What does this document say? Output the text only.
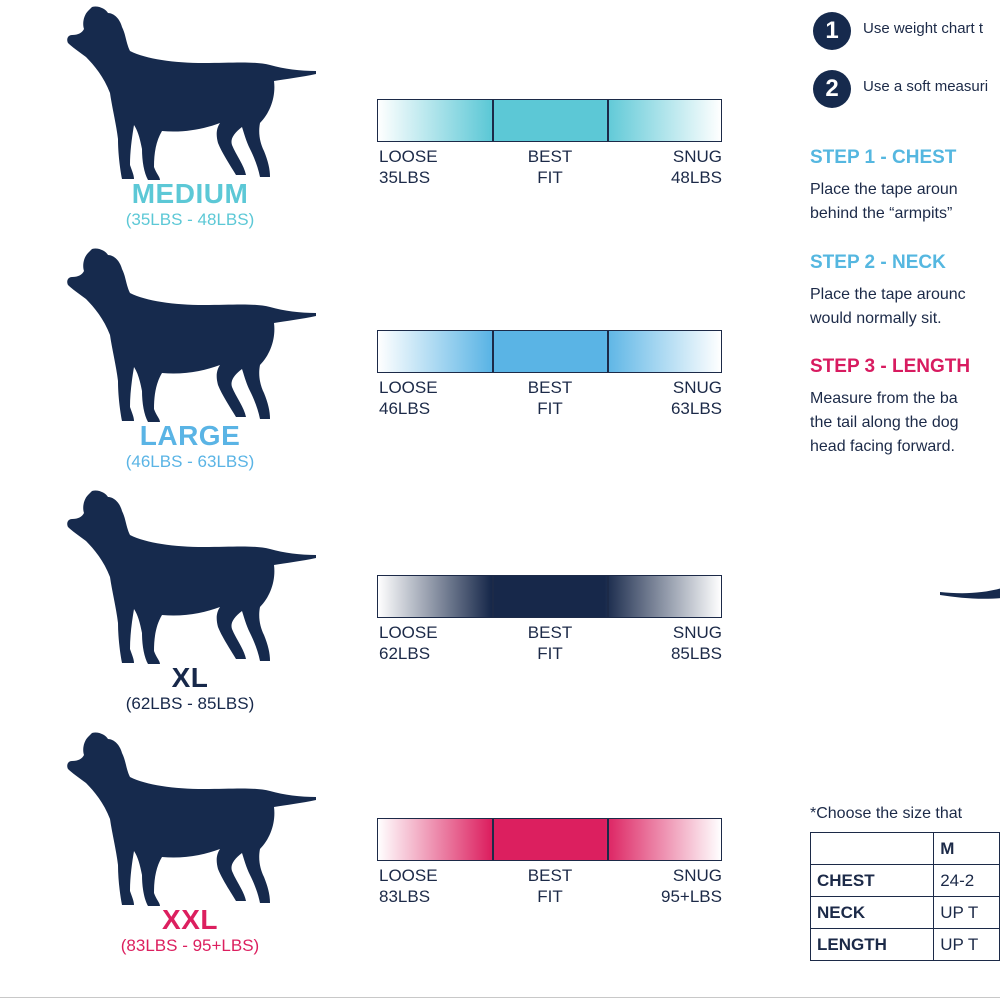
MEDIUM
(35LBS - 48LBS)
LARGE
(46LBS - 63LBS)
XL
(62LBS - 85LBS)
XXL
(83LBS - 95+LBS)
LOOSE
35LBS
BEST
FIT
SNUG
48LBS
LOOSE
46LBS
BEST
FIT
SNUG
63LBS
LOOSE
62LBS
BEST
FIT
SNUG
85LBS
LOOSE
83LBS
BEST
FIT
SNUG
95+LBS
1	Use weight chart t
2	Use a soft measuri
STEP 1 - CHEST
Place the tape aroun
behind the “armpits”
STEP 2 - NECK
Place the tape arounc
would normally sit.
STEP 3 - LENGTH
Measure from the ba
the tail along the dog
head facing forward.
*Choose the size that
	M
CHEST	24-2
NECK	UP T
LENGTH	UP T
